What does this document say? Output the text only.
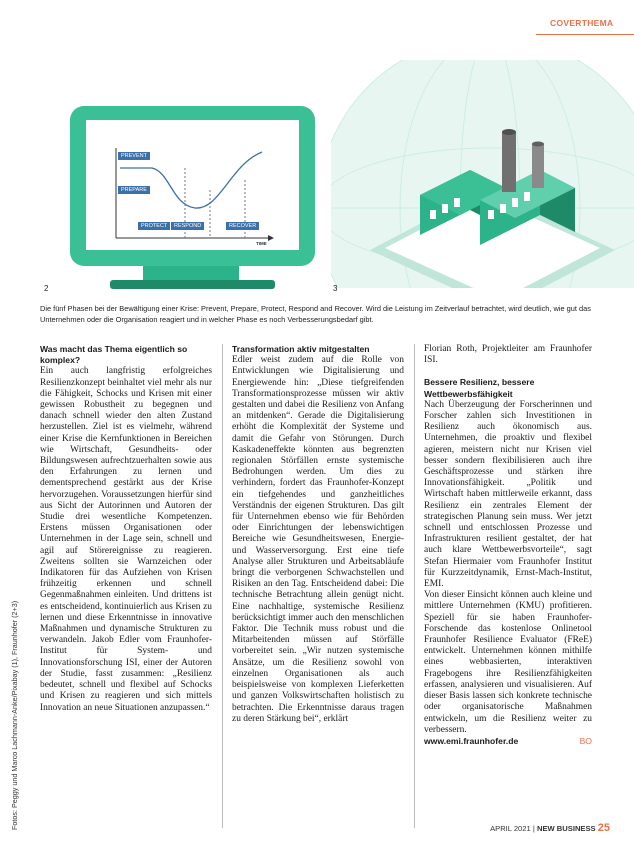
COVERTHEMA
PREVENT
PREPARE
PROTECT	RESPOND	RECOVER
TIME
2	3
Die fünf Phasen bei der Bewältigung einer Krise: Prevent, Prepare, Protect, Respond and Recover. Wird die Leistung im Zeitverlauf betrachtet, wird deutlich, wie gut das Unternehmen oder die Organisation reagiert und in welcher Phase es noch Verbesserungsbedarf gibt.
Fotos: Peggy und Marco Lachmann-Anke/Pixabay (1), Fraunhofer (2+3)
Was macht das Thema eigentlich so komplex?

Ein auch langfristig erfolgreiches Resilienzkonzept beinhaltet viel mehr als nur die Fähigkeit, Schocks und Krisen mit einer gewissen Robustheit zu begegnen und danach schnell wieder den alten Zustand herzustellen. Ziel ist es vielmehr, während einer Krise die Kernfunktionen in Bereichen wie Wirtschaft, Gesundheits- oder Bildungswesen aufrechtzuerhalten sowie aus den Erfahrungen zu lernen und dementsprechend gestärkt aus der Krise hervorzugehen. Voraussetzungen hierfür sind aus Sicht der Autorinnen und Autoren der Studie drei wesentliche Kompetenzen. Erstens müssen Organisationen oder Unternehmen in der Lage sein, schnell und agil auf Störereignisse zu reagieren. Zweitens sollten sie Warnzeichen oder Indikatoren für das Aufziehen von Krisen frühzeitig erkennen und schnell Gegenmaßnahmen einleiten. Und drittens ist es entscheidend, kontinuierlich aus Krisen zu lernen und diese Erkenntnisse in innovative Maßnahmen und dynamische Strukturen zu verwandeln. Jakob Edler vom Fraunhofer-Institut für System- und Innovationsforschung ISI, einer der Autoren der Studie, fasst zusammen: „Resilienz bedeutet, schnell und flexibel auf Schocks und Krisen zu reagieren und sich mittels Innovation an neue Situationen anzupassen.“

Transformation aktiv mitgestalten

Edler weist zudem auf die Rolle von Entwicklungen wie Digitalisierung und Energiewende hin: „Diese tiefgreifenden Transformationsprozesse müssen wir aktiv gestalten und dabei die Resilienz von Anfang an mitdenken“. Gerade die Digitalisierung erhöht die Komplexität der Systeme und damit die Gefahr von Störungen. Durch Kaskadeneffekte könnten aus begrenzten regionalen Störfällen ernste systemische Bedrohungen werden. Um dies zu verhindern, fordert das Fraunhofer-Konzept ein tiefgehendes und ganzheitliches Verständnis der eigenen Strukturen. Das gilt für Unternehmen ebenso wie für Behörden oder Einrichtungen der lebenswichtigen Bereiche wie Gesundheitswesen, Energie- und Wasserversorgung. Erst eine tiefe Analyse aller Strukturen und Arbeitsabläufe bringt die verborgenen Schwachstellen und Risiken an den Tag. Entscheidend dabei: Die technische Betrachtung allein genügt nicht. Eine nachhaltige, systemische Resilienz berücksichtigt immer auch den menschlichen Faktor. Die Technik muss robust und die Mitarbeitenden müssen auf Störfälle vorbereitet sein. „Wir nutzen systemische Ansätze, um die Resilienz sowohl von einzelnen Organisationen als auch beispielsweise von komplexen Lieferketten und ganzen Volkswirtschaften holistisch zu betrachten. Die Erkenntnisse daraus tragen zu deren Stärkung bei“, erklärt

Florian Roth, Projektleiter am Fraunhofer ISI.

Bessere Resilienz, bessere Wettbewerbsfähigkeit

Nach Überzeugung der Forscherinnen und Forscher zahlen sich Investitionen in Resilienz auch ökonomisch aus. Unternehmen, die proaktiv und flexibel agieren, meistern nicht nur Krisen viel besser sondern flexibilisieren auch ihre Geschäftsprozesse und stärken ihre Innovationsfähigkeit. „Politik und Wirtschaft haben mittlerweile erkannt, dass Resilienz ein zentrales Element der strategischen Planung sein muss. Wer jetzt schnell und entschlossen Prozesse und Infrastrukturen resilient gestaltet, der hat auch klare Wettbewerbsvorteile“, sagt Stefan Hiermaier vom Fraunhofer Institut für Kurzzeitdynamik, Ernst-Mach-Institut, EMI.

Von dieser Einsicht können auch kleine und mittlere Unternehmen (KMU) profitieren. Speziell für sie haben Fraunhofer-Forschende das kostenlose Onlinetool Fraunhofer Resilience Evaluator (FReE) entwickelt. Unternehmen können mithilfe eines webbasierten, interaktiven Fragebogens ihre Resilienzfähigkeiten erfassen, analysieren und visualisieren. Auf dieser Basis lassen sich konkrete technische oder organisatorische Maßnahmen entwickeln, um die Resilienz weiter zu verbessern.

BO

www.emi.fraunhofer.de

APRIL 2021 | NEW BUSINESS 25
